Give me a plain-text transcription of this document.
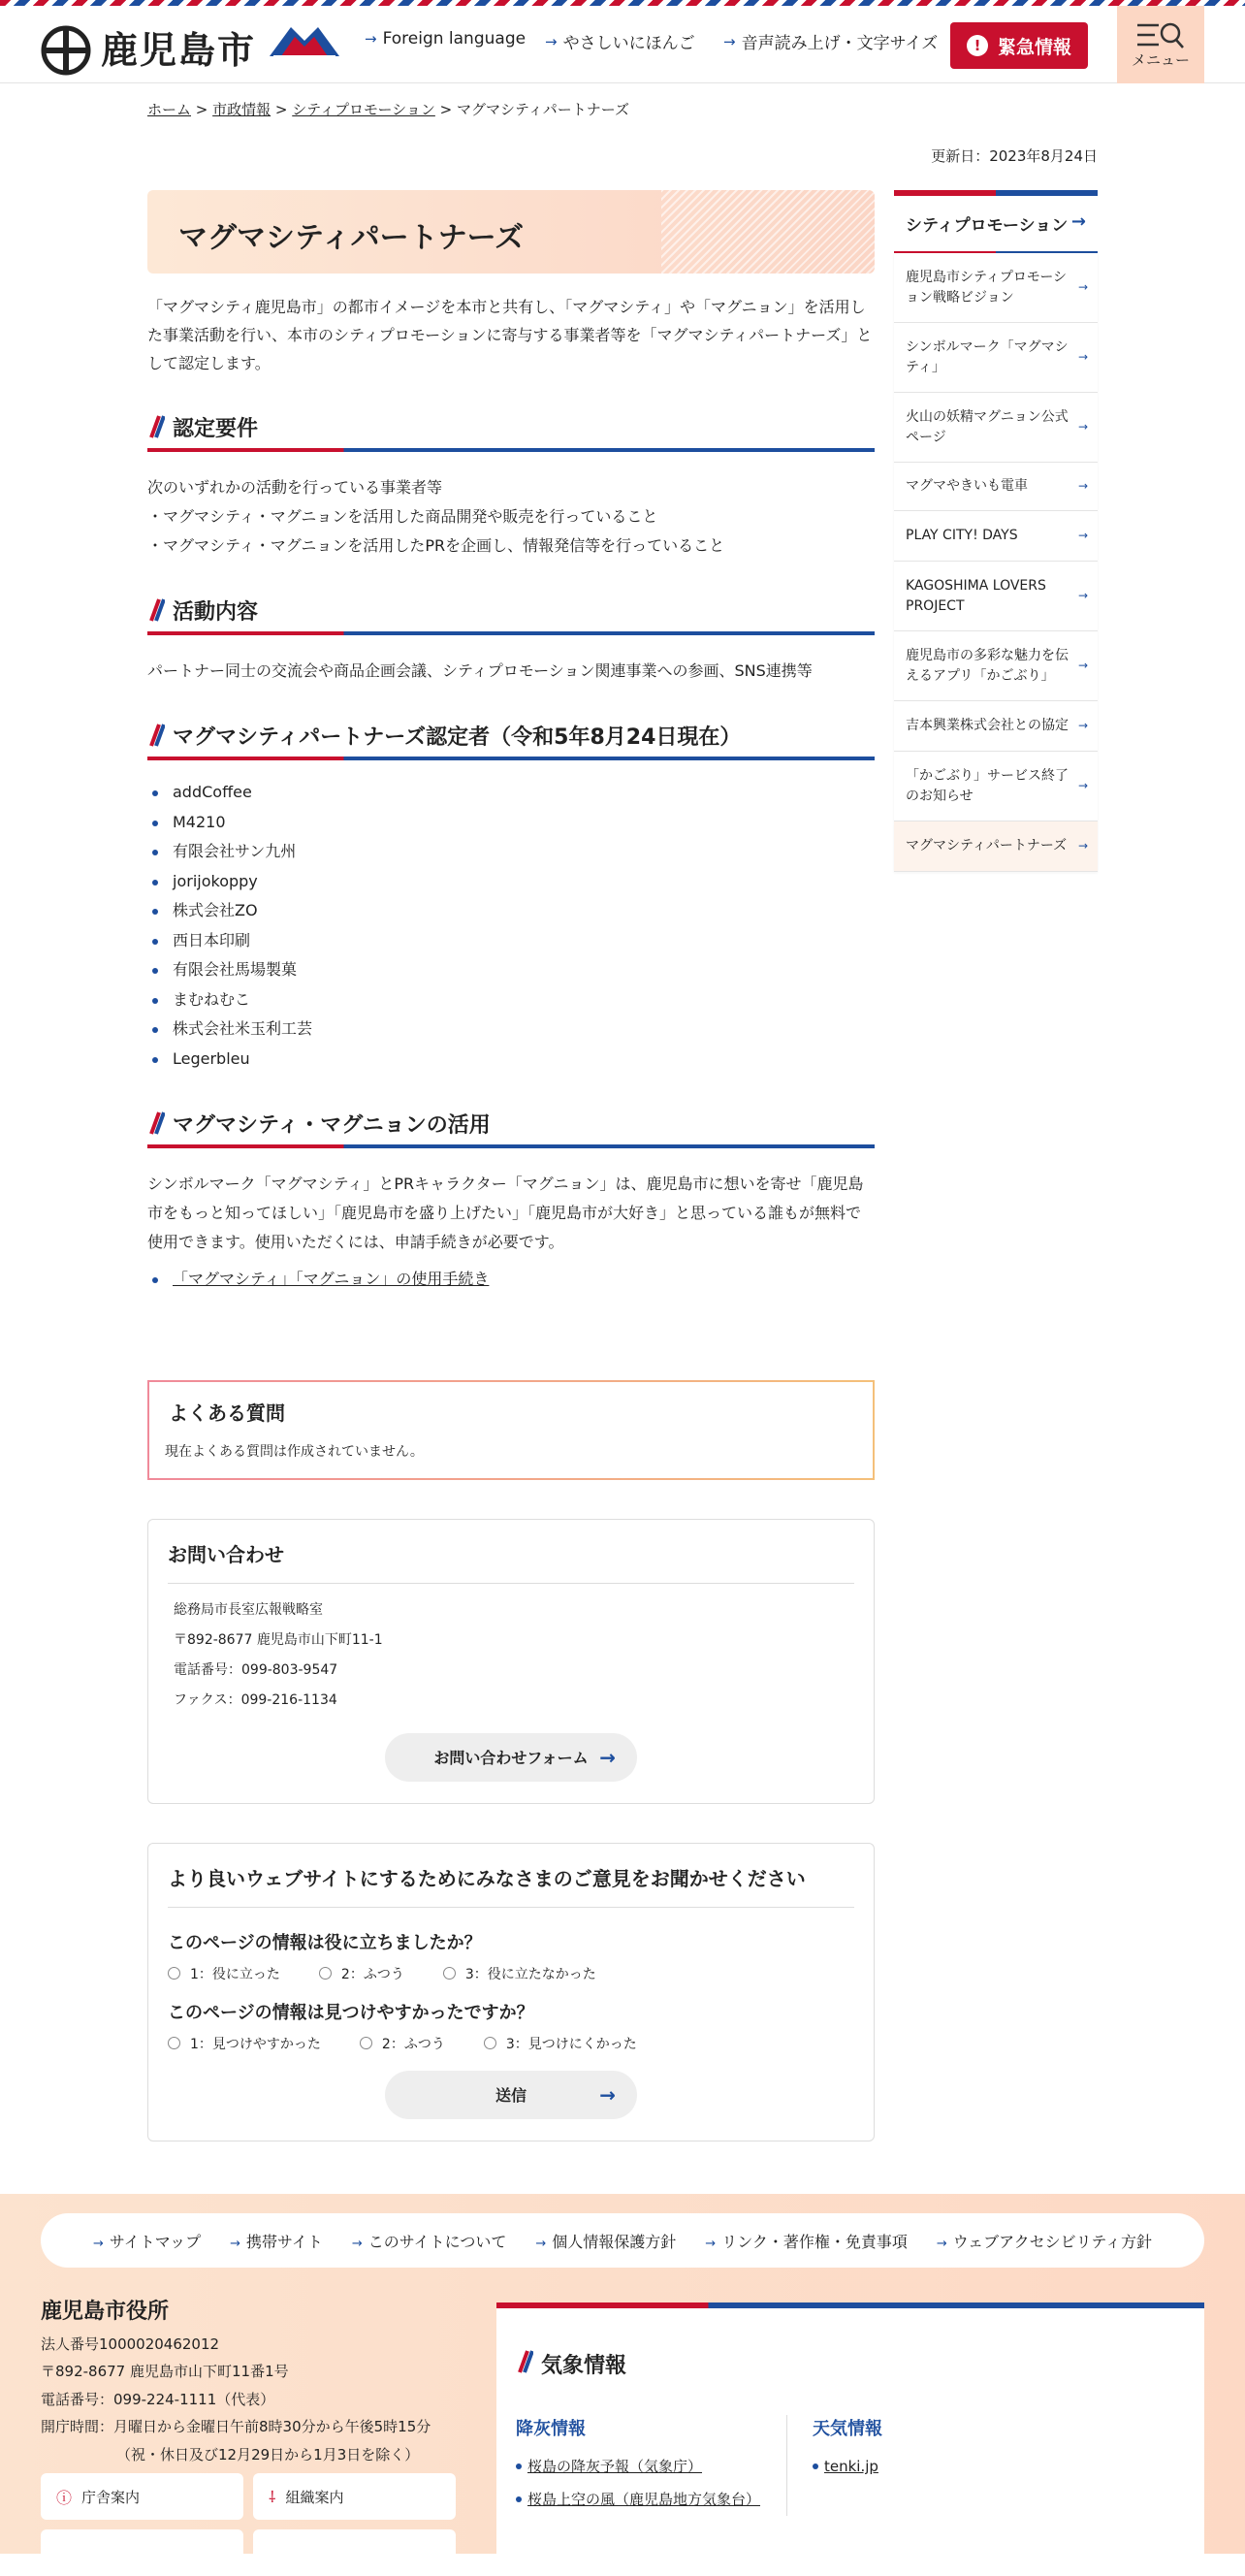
鹿児島市	→ Foreign language → やさしいにほんご → 音声読み上げ・文字サイズ	! 緊急情報
メニュー
ホーム > 市政情報 > シティプロモーション > マグマシティパートナーズ
更新日：2023年8月24日
マグマシティパートナーズ

「マグマシティ鹿児島市」の都市イメージを本市と共有し、「マグマシティ」や「マグニョン」を活用した事業活動を行い、本市のシティプロモーションに寄与する事業者等を「マグマシティパートナーズ」として認定します。

認定要件
次のいずれかの活動を行っている事業者等
・マグマシティ・マグニョンを活用した商品開発や販売を行っていること
・マグマシティ・マグニョンを活用したPRを企画し、情報発信等を行っていること
活動内容
パートナー同士の交流会や商品企画会議、シティプロモーション関連事業への参画、SNS連携等
マグマシティパートナーズ認定者（令和5年8月24日現在）
addCoffee
M4210
有限会社サン九州
jorijokoppy
株式会社ZO
西日本印刷
有限会社馬場製菓
まむねむこ
株式会社米玉利工芸
Legerbleu
マグマシティ・マグニョンの活用

シンボルマーク「マグマシティ」とPRキャラクター「マグニョン」は、鹿児島市に想いを寄せ「鹿児島市をもっと知ってほしい」「鹿児島市を盛り上げたい」「鹿児島市が大好き」と思っている誰もが無料で使用できます。使用いただくには、申請手続きが必要です。

「マグマシティ」「マグニョン」の使用手続き
よくある質問

現在よくある質問は作成されていません。

お問い合わせ
総務局市長室広報戦略室
〒892-8677 鹿児島市山下町11-1
電話番号：099-803-9547
ファクス：099-216-1134
お問い合わせフォーム →
より良いウェブサイトにするためにみなさまのご意見をお聞かせください
このページの情報は役に立ちましたか？
1：役に立った	2：ふつう	3：役に立たなかった
このページの情報は見つけやすかったですか？
1：見つけやすかった	2：ふつう	3：見つけにくかった
送信	→
シティプロモーション →
鹿児島市シティプロモーション戦略ビジョン
→
シンボルマーク「マグマシティ」
→
火山の妖精マグニョン公式ページ
→
マグマやきいも電車	→
PLAY CITY! DAYS	→
KAGOSHIMA LOVERS PROJECT
→
鹿児島市の多彩な魅力を伝えるアプリ「かごぶり」
→
吉本興業株式会社との協定 →
「かごぶり」サービス終了のお知らせ
→
マグマシティパートナーズ →
→ サイトマップ → 携帯サイト → このサイトについて → 個人情報保護方針 → リンク・著作権・免責事項 → ウェブアクセシビリティ方針
鹿児島市役所
法人番号1000020462012
〒892-8677 鹿児島市山下町11番1号
電話番号：099-224-1111（代表）
開庁時間：月曜日から金曜日午前8時30分から午後5時15分
（祝・休日及び12月29日から1月3日を除く）
ⓘ 庁舎案内	⸸ 組織案内
気象情報
降灰情報
桜島の降灰予報（気象庁）
桜島上空の風（鹿児島地方気象台）
天気情報
tenki.jp
